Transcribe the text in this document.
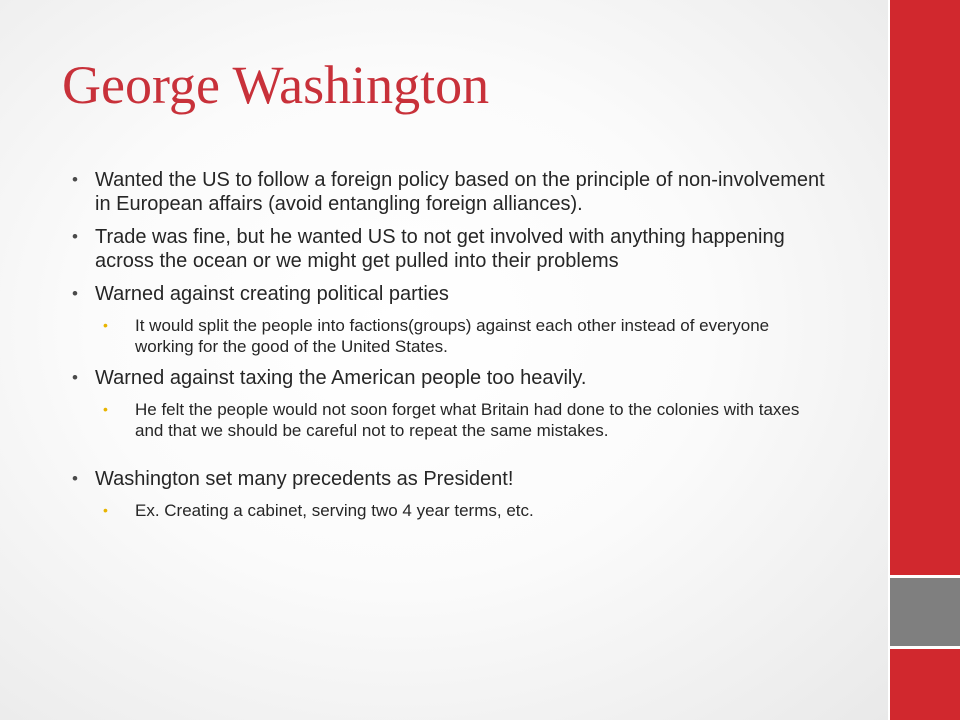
George Washington
• Wanted the US to follow a foreign policy based on the principle of non-involvement in European affairs (avoid entangling foreign alliances).
• Trade was fine, but he wanted US to not get involved with anything happening across the ocean or we might get pulled into their problems
• Warned against creating political parties
• It would split the people into factions(groups) against each other instead of everyone working for the good of the United States.
• Warned against taxing the American people too heavily.
• He felt the people would not soon forget what Britain had done to the colonies with taxes and that we should be careful not to repeat the same mistakes.
• Washington set many precedents as President!
• Ex. Creating a cabinet, serving two 4 year terms, etc.
